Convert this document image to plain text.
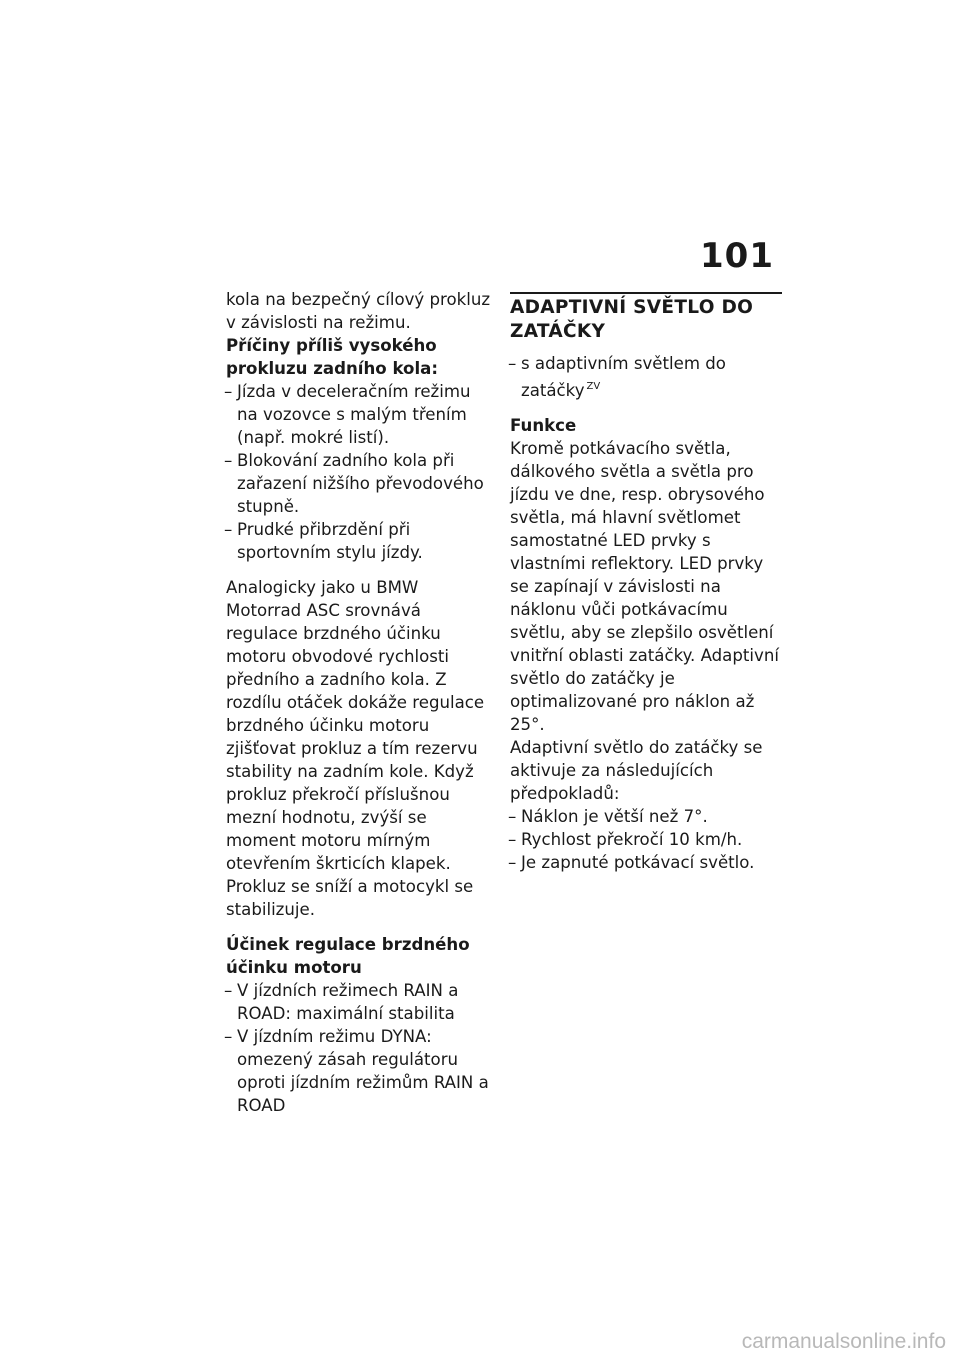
101

kola na bezpečný cílový prokluz v závislosti na režimu.

Příčiny příliš vysokého prokluzu zadního kola:
– Jízda v deceleračním režimu na vozovce s malým třením (např. mokré listí).
– Blokování zadního kola při zařazení nižšího převodového stupně.
– Prudké přibrzdění při sportovním stylu jízdy.

Analogicky jako u BMW Motorrad ASC srovnává regulace brzdného účinku motoru obvodové rychlosti předního a zadního kola. Z rozdílu otáček dokáže regulace brzdného účinku motoru zjišťovat prokluz a tím rezervu stability na zadním kole. Když prokluz překročí příslušnou mezní hodnotu, zvýší se moment motoru mírným otevřením škrticích klapek. Prokluz se sníží a motocykl se stabilizuje.

Účinek regulace brzdného účinku motoru
– V jízdních režimech RAIN a ROAD: maximální stabilita
– V jízdním režimu DYNA: omezený zásah regulátoru oproti jízdním režimům RAIN a ROAD
ADAPTIVNÍ SVĚTLO DO ZATÁČKY
– s adaptivním světlem do zatáčky $^{ZV}$
Funkce

Kromě potkávacího světla, dálkového světla a světla pro jízdu ve dne, resp. obrysového světla, má hlavní světlomet samostatné LED prvky s vlastními reflektory. LED prvky se zapínají v závislosti na náklonu vůči potkávacímu světlu, aby se zlepšilo osvětlení vnitřní oblasti zatáčky. Adaptivní světlo do zatáčky je optimalizované pro náklon až 25°.

Adaptivní světlo do zatáčky se aktivuje za následujících předpokladů:

– Náklon je větší než 7°.
– Rychlost překročí 10 km/h.
– Je zapnuté potkávací světlo.
carmanualsonline.info
